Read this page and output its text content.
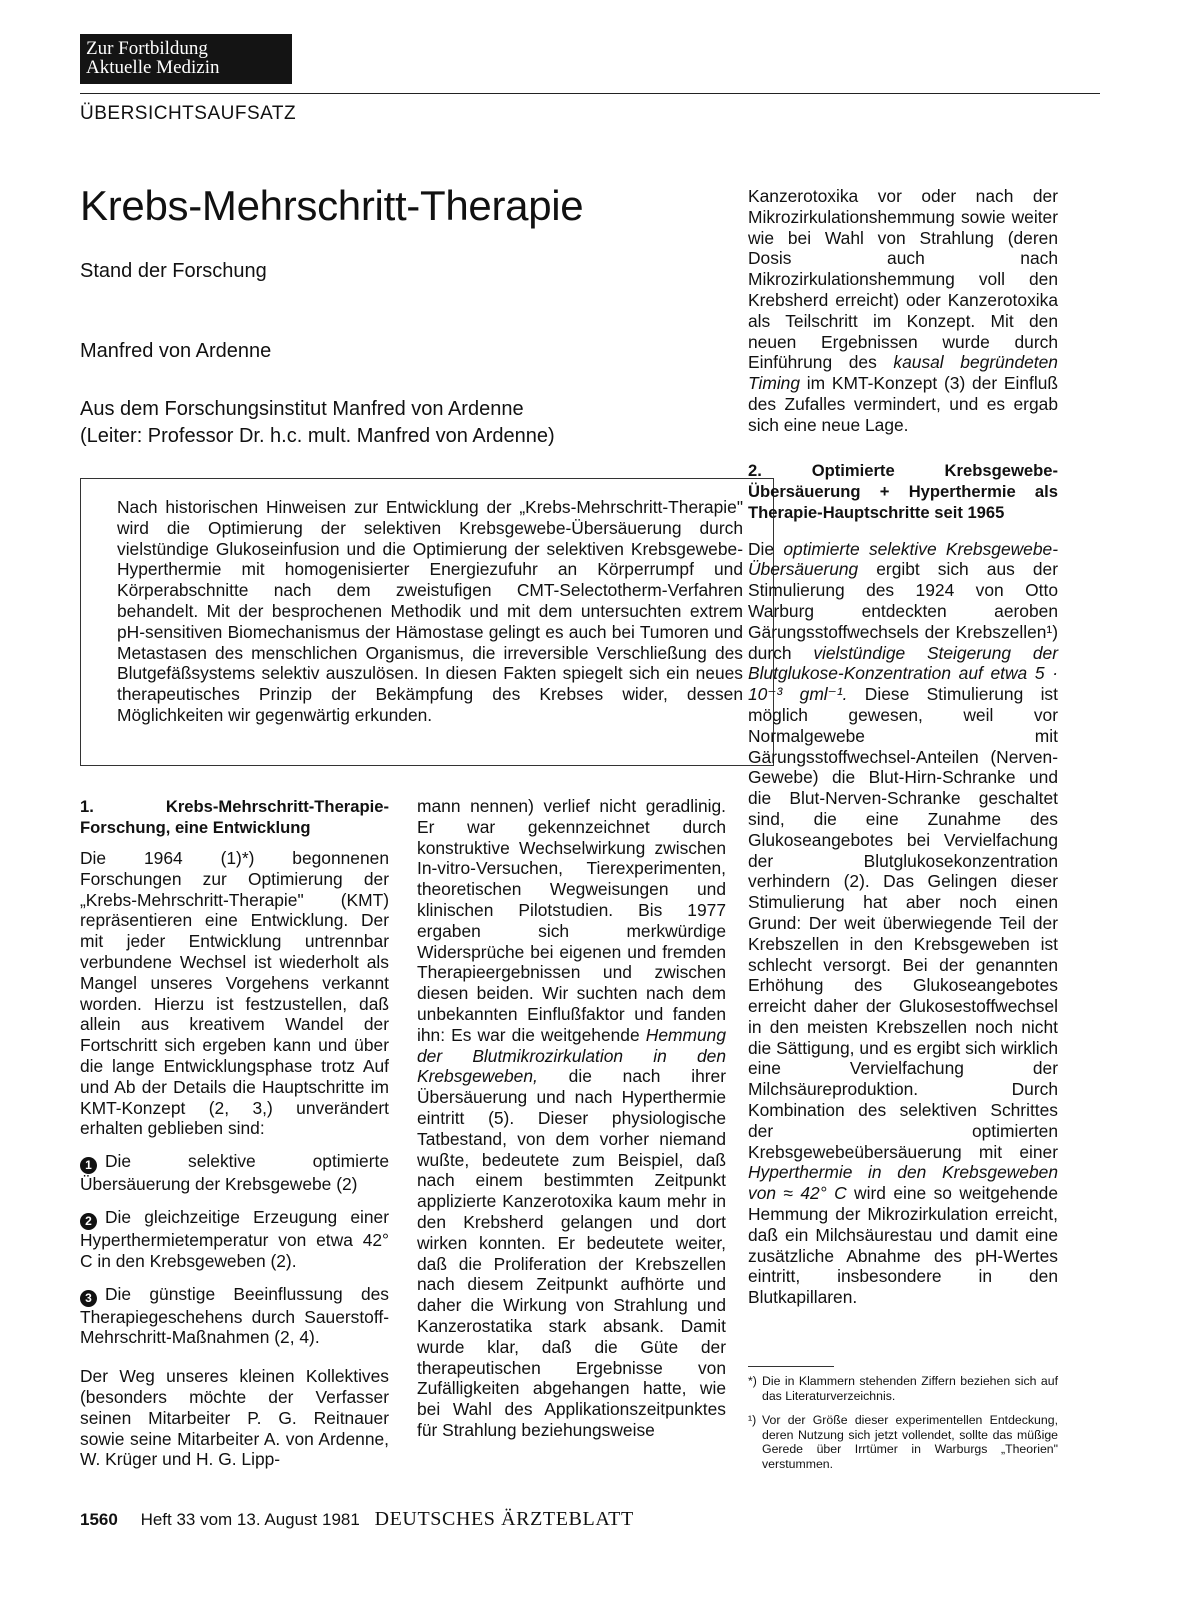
Zur Fortbildung
Aktuelle Medizin
ÜBERSICHTSAUFSATZ
Krebs-Mehrschritt-Therapie
Stand der Forschung
Manfred von Ardenne
Aus dem Forschungsinstitut Manfred von Ardenne
(Leiter: Professor Dr. h.c. mult. Manfred von Ardenne)

Nach historischen Hinweisen zur Entwicklung der „Krebs-Mehrschritt-Therapie" wird die Optimierung der selektiven Krebsgewebe-Übersäuerung durch vielstündige Glukoseinfusion und die Optimierung der selektiven Krebsgewebe-Hyperthermie mit homogenisierter Energiezufuhr an Körperrumpf und Körperabschnitte nach dem zweistufigen CMT-Selectotherm-Verfahren behandelt. Mit der besprochenen Methodik und mit dem untersuchten extrem pH-sensitiven Biomechanismus der Hämostase gelingt es auch bei Tumoren und Metastasen des menschlichen Organismus, die irreversible Verschließung des Blutgefäßsystems selektiv auszulösen. In diesen Fakten spiegelt sich ein neues therapeutisches Prinzip der Bekämpfung des Krebses wider, dessen Möglichkeiten wir gegenwärtig erkunden.

1. Krebs-Mehrschritt-Therapie-Forschung, eine Entwicklung

Die 1964 (1)*) begonnenen Forschungen zur Optimierung der „Krebs-Mehrschritt-Therapie" (KMT) repräsentieren eine Entwicklung. Der mit jeder Entwicklung untrennbar verbundene Wechsel ist wiederholt als Mangel unseres Vorgehens verkannt worden. Hierzu ist festzustellen, daß allein aus kreativem Wandel der Fortschritt sich ergeben kann und über die lange Entwicklungsphase trotz Auf und Ab der Details die Hauptschritte im KMT-Konzept (2, 3,) unverändert erhalten geblieben sind:

1 Die selektive optimierte Übersäuerung der Krebsgewebe (2)

2 Die gleichzeitige Erzeugung einer Hyperthermietemperatur von etwa 42° C in den Krebsgeweben (2).

3 Die günstige Beeinflussung des Therapiegeschehens durch Sauerstoff-Mehrschritt-Maßnahmen (2, 4).

Der Weg unseres kleinen Kollektives (besonders möchte der Verfasser seinen Mitarbeiter P. G. Reitnauer sowie seine Mitarbeiter A. von Ardenne, W. Krüger und H. G. Lipp-

mann nennen) verlief nicht geradlinig. Er war gekennzeichnet durch konstruktive Wechselwirkung zwischen In-vitro-Versuchen, Tierexperimenten, theoretischen Wegweisungen und klinischen Pilotstudien. Bis 1977 ergaben sich merkwürdige Widersprüche bei eigenen und fremden Therapieergebnissen und zwischen diesen beiden. Wir suchten nach dem unbekannten Einflußfaktor und fanden ihn: Es war die weitgehende Hemmung der Blutmikrozirkulation in den Krebsgeweben, die nach ihrer Übersäuerung und nach Hyperthermie eintritt (5). Dieser physiologische Tatbestand, von dem vorher niemand wußte, bedeutete zum Beispiel, daß nach einem bestimmten Zeitpunkt applizierte Kanzerotoxika kaum mehr in den Krebsherd gelangen und dort wirken konnten. Er bedeutete weiter, daß die Proliferation der Krebszellen nach diesem Zeitpunkt aufhörte und daher die Wirkung von Strahlung und Kanzerostatika stark absank. Damit wurde klar, daß die Güte der therapeutischen Ergebnisse von Zufälligkeiten abgehangen hatte, wie bei Wahl des Applikationszeitpunktes für Strahlung beziehungsweise

Kanzerotoxika vor oder nach der Mikrozirkulationshemmung sowie weiter wie bei Wahl von Strahlung (deren Dosis auch nach Mikrozirkulationshemmung voll den Krebsherd erreicht) oder Kanzerotoxika als Teilschritt im Konzept. Mit den neuen Ergebnissen wurde durch Einführung des kausal begründeten Timing im KMT-Konzept (3) der Einfluß des Zufalles vermindert, und es ergab sich eine neue Lage.

2. Optimierte Krebsgewebe-Übersäuerung + Hyperthermie als Therapie-Hauptschritte seit 1965

Die optimierte selektive Krebsgewebe-Übersäuerung ergibt sich aus der Stimulierung des 1924 von Otto Warburg entdeckten aeroben Gärungsstoffwechsels der Krebszellen¹) durch vielstündige Steigerung der Blutglukose-Konzentration auf etwa 5 · 10⁻³ gml⁻¹. Diese Stimulierung ist möglich gewesen, weil vor Normalgewebe mit Gärungsstoffwechsel-Anteilen (Nerven-Gewebe) die Blut-Hirn-Schranke und die Blut-Nerven-Schranke geschaltet sind, die eine Zunahme des Glukoseangebotes bei Vervielfachung der Blutglukosekonzentration verhindern (2). Das Gelingen dieser Stimulierung hat aber noch einen Grund: Der weit überwiegende Teil der Krebszellen in den Krebsgeweben ist schlecht versorgt. Bei der genannten Erhöhung des Glukoseangebotes erreicht daher der Glukosestoffwechsel in den meisten Krebszellen noch nicht die Sättigung, und es ergibt sich wirklich eine Vervielfachung der Milchsäureproduktion. Durch Kombination des selektiven Schrittes der optimierten Krebsgewebeübersäuerung mit einer Hyperthermie in den Krebsgeweben von ≈ 42° C wird eine so weitgehende Hemmung der Mikrozirkulation erreicht, daß ein Milchsäurestau und damit eine zusätzliche Abnahme des pH-Wertes eintritt, insbesondere in den Blutkapillaren.

*) Die in Klammern stehenden Ziffern beziehen sich auf das Literaturverzeichnis.
¹) Vor der Größe dieser experimentellen Entdeckung, deren Nutzung sich jetzt vollendet, sollte das müßige Gerede über Irrtümer in Warburgs „Theorien" verstummen.
1560 Heft 33 vom 13. August 1981 DEUTSCHES ÄRZTEBLATT
